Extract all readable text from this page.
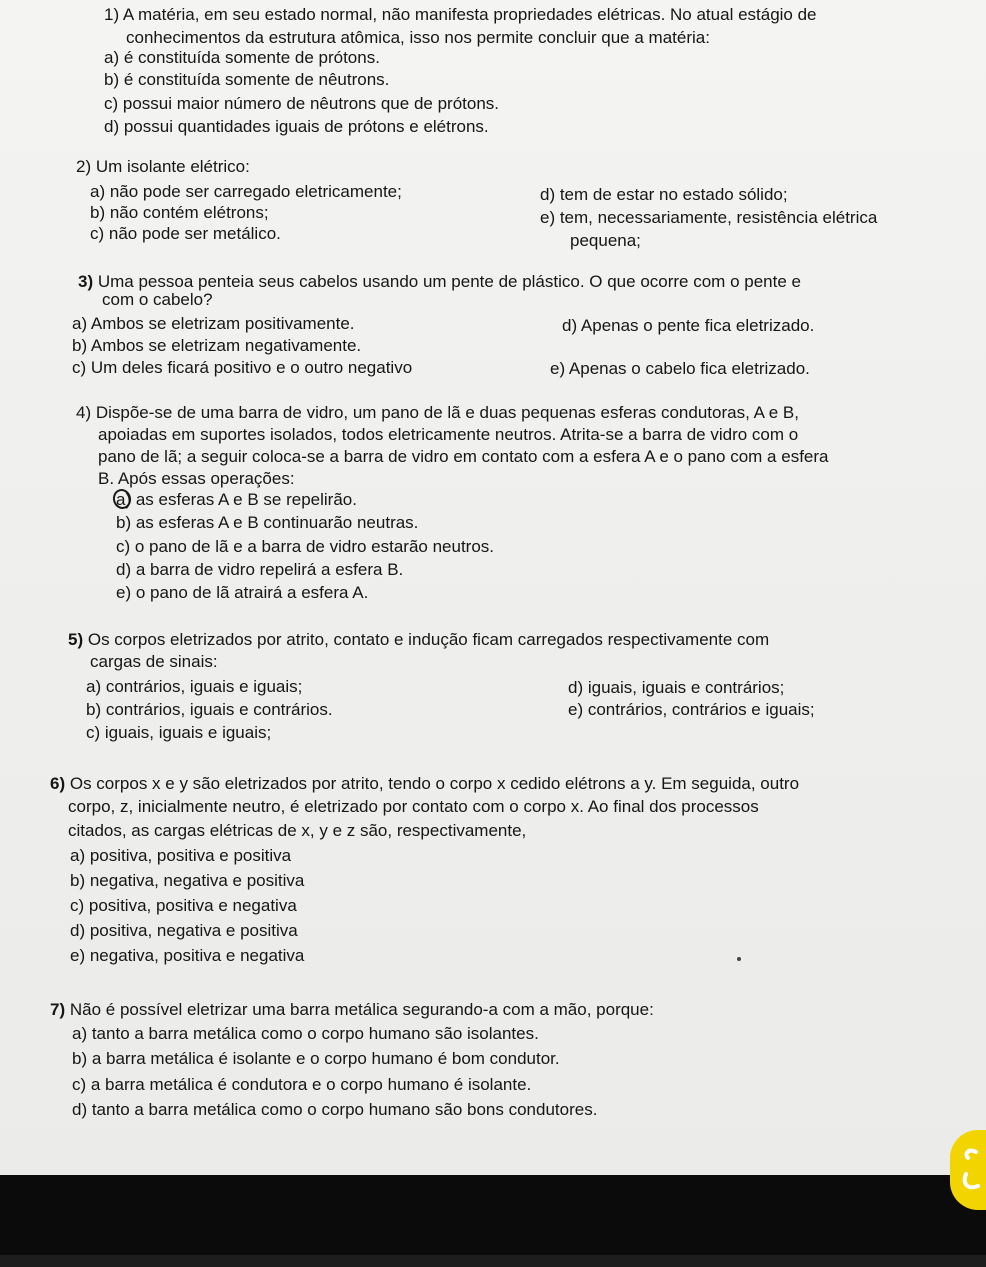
1) A matéria, em seu estado normal, não manifesta propriedades elétricas. No atual estágio de
conhecimentos da estrutura atômica, isso nos permite concluir que a matéria:
a) é constituída somente de prótons.
b) é constituída somente de nêutrons.
c) possui maior número de nêutrons que de prótons.
d) possui quantidades iguais de prótons e elétrons.
2) Um isolante elétrico:
a) não pode ser carregado eletricamente;
b) não contém elétrons;
c) não pode ser metálico.
d) tem de estar no estado sólido;
e) tem, necessariamente, resistência elétrica
pequena;
3) Uma pessoa penteia seus cabelos usando um pente de plástico. O que ocorre com o pente e
com o cabelo?
a) Ambos se eletrizam positivamente.
b) Ambos se eletrizam negativamente.
c) Um deles ficará positivo e o outro negativo
d) Apenas o pente fica eletrizado.
e) Apenas o cabelo fica eletrizado.
4) Dispõe-se de uma barra de vidro, um pano de lã e duas pequenas esferas condutoras, A e B,
apoiadas em suportes isolados, todos eletricamente neutros. Atrita-se a barra de vidro com o
pano de lã; a seguir coloca-se a barra de vidro em contato com a esfera A e o pano com a esfera
B. Após essas operações:
a) as esferas A e B se repelirão.
b) as esferas A e B continuarão neutras.
c) o pano de lã e a barra de vidro estarão neutros.
d) a barra de vidro repelirá a esfera B.
e) o pano de lã atrairá a esfera A.
5) Os corpos eletrizados por atrito, contato e indução ficam carregados respectivamente com
cargas de sinais:
a) contrários, iguais e iguais;
b) contrários, iguais e contrários.
c) iguais, iguais e iguais;
d) iguais, iguais e contrários;
e) contrários, contrários e iguais;
6) Os corpos x e y são eletrizados por atrito, tendo o corpo x cedido elétrons a y. Em seguida, outro
corpo, z, inicialmente neutro, é eletrizado por contato com o corpo x. Ao final dos processos
citados, as cargas elétricas de x, y e z são, respectivamente,
a) positiva, positiva e positiva
b) negativa, negativa e positiva
c) positiva, positiva e negativa
d) positiva, negativa e positiva
e) negativa, positiva e negativa
7) Não é possível eletrizar uma barra metálica segurando-a com a mão, porque:
a) tanto a barra metálica como o corpo humano são isolantes.
b) a barra metálica é isolante e o corpo humano é bom condutor.
c) a barra metálica é condutora e o corpo humano é isolante.
d) tanto a barra metálica como o corpo humano são bons condutores.
